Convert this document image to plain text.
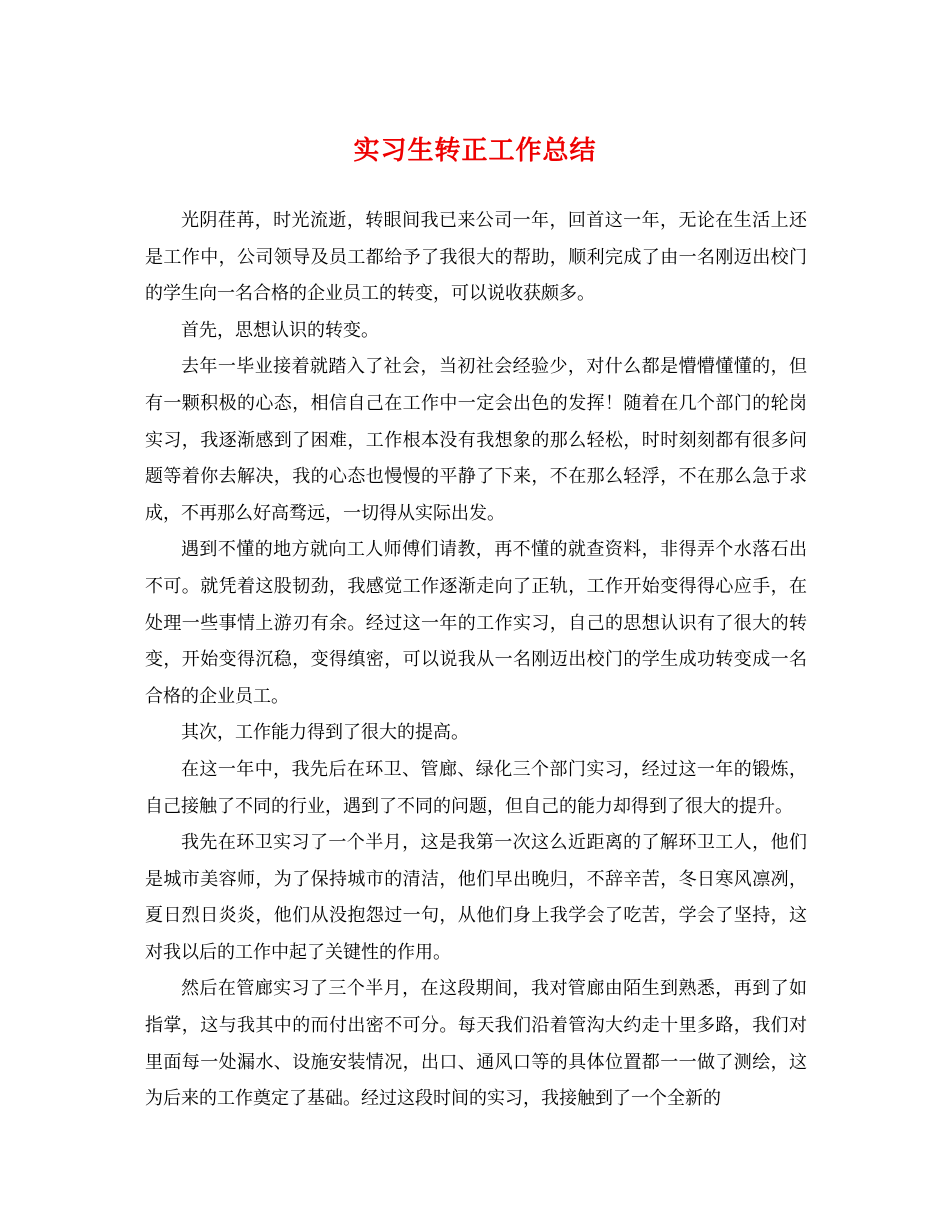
实习生转正工作总结

光阴荏苒，时光流逝，转眼间我已来公司一年，回首这一年，无论在生活上还是工作中，公司领导及员工都给予了我很大的帮助，顺利完成了由一名刚迈出校门的学生向一名合格的企业员工的转变，可以说收获颇多。

首先，思想认识的转变。

去年一毕业接着就踏入了社会，当初社会经验少，对什么都是懵懵懂懂的，但有一颗积极的心态，相信自己在工作中一定会出色的发挥！随着在几个部门的轮岗实习，我逐渐感到了困难，工作根本没有我想象的那么轻松，时时刻刻都有很多问题等着你去解决，我的心态也慢慢的平静了下来，不在那么轻浮，不在那么急于求成，不再那么好高骛远，一切得从实际出发。

遇到不懂的地方就向工人师傅们请教，再不懂的就查资料，非得弄个水落石出不可。就凭着这股韧劲，我感觉工作逐渐走向了正轨，工作开始变得得心应手，在处理一些事情上游刃有余。经过这一年的工作实习，自己的思想认识有了很大的转变，开始变得沉稳，变得缜密，可以说我从一名刚迈出校门的学生成功转变成一名合格的企业员工。

其次，工作能力得到了很大的提高。

在这一年中，我先后在环卫、管廊、绿化三个部门实习，经过这一年的锻炼，自己接触了不同的行业，遇到了不同的问题，但自己的能力却得到了很大的提升。

我先在环卫实习了一个半月，这是我第一次这么近距离的了解环卫工人，他们是城市美容师，为了保持城市的清洁，他们早出晚归，不辞辛苦，冬日寒风凛冽，夏日烈日炎炎，他们从没抱怨过一句，从他们身上我学会了吃苦，学会了坚持，这对我以后的工作中起了关键性的作用。

然后在管廊实习了三个半月，在这段期间，我对管廊由陌生到熟悉，再到了如指掌，这与我其中的而付出密不可分。每天我们沿着管沟大约走十里多路，我们对里面每一处漏水、设施安装情况，出口、通风口等的具体位置都一一做了测绘，这为后来的工作奠定了基础。经过这段时间的实习，我接触到了一个全新的
